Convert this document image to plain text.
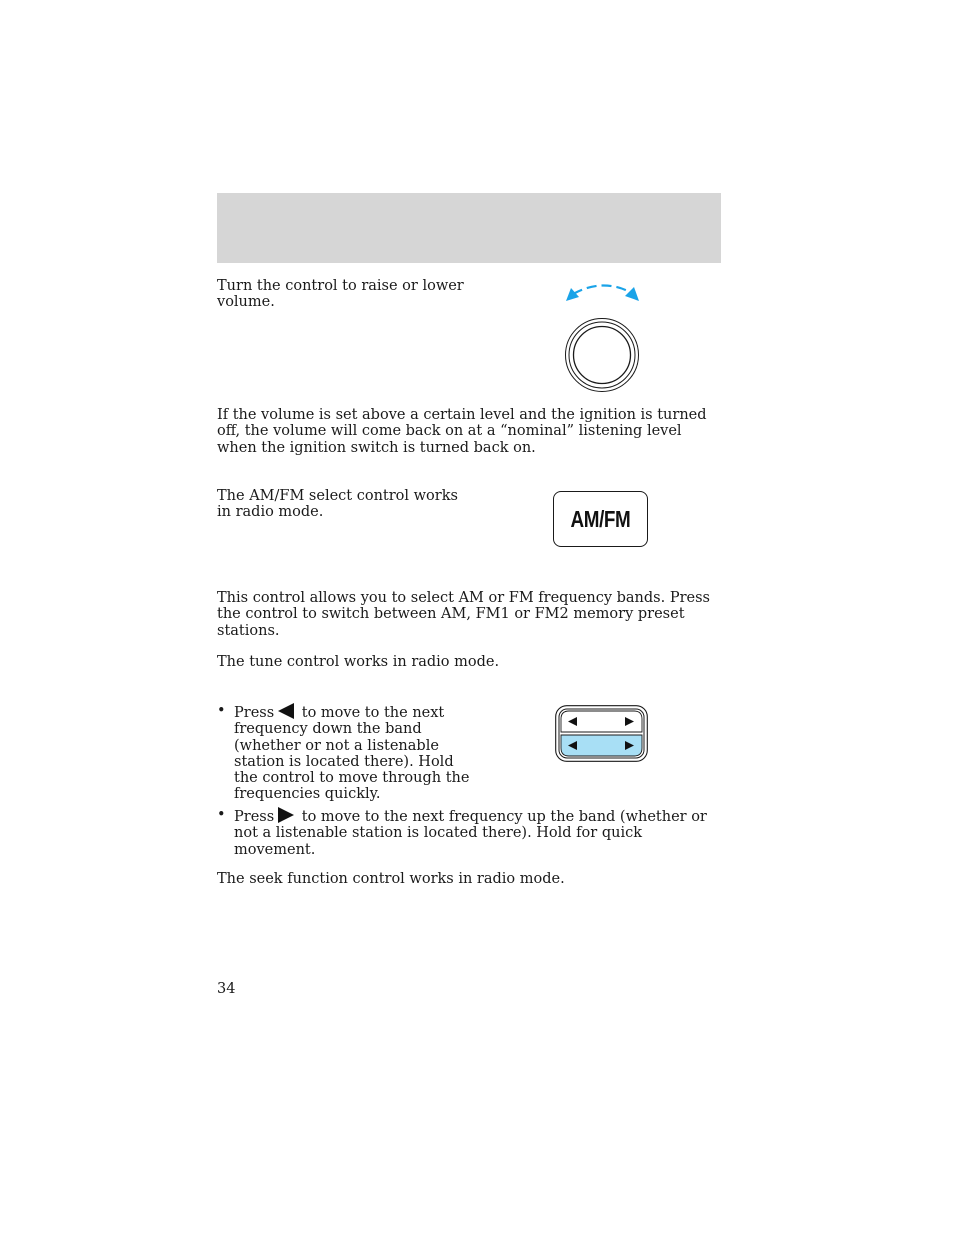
Turn the control to raise or lower volume.

If the volume is set above a certain level and the ignition is turned off, the volume will come back on at a “nominal” listening level when the ignition switch is turned back on.

The AM/FM select control works in radio mode.	AM/FM

This control allows you to select AM or FM frequency bands. Press the control to switch between AM, FM1 or FM2 memory preset stations.

The tune control works in radio mode.

• Press to move to the next frequency down the band (whether or not a listenable station is located there). Hold the control to move through the frequencies quickly.
• Press to move to the next frequency up the band (whether or not a listenable station is located there). Hold for quick movement.

The seek function control works in radio mode.

34
